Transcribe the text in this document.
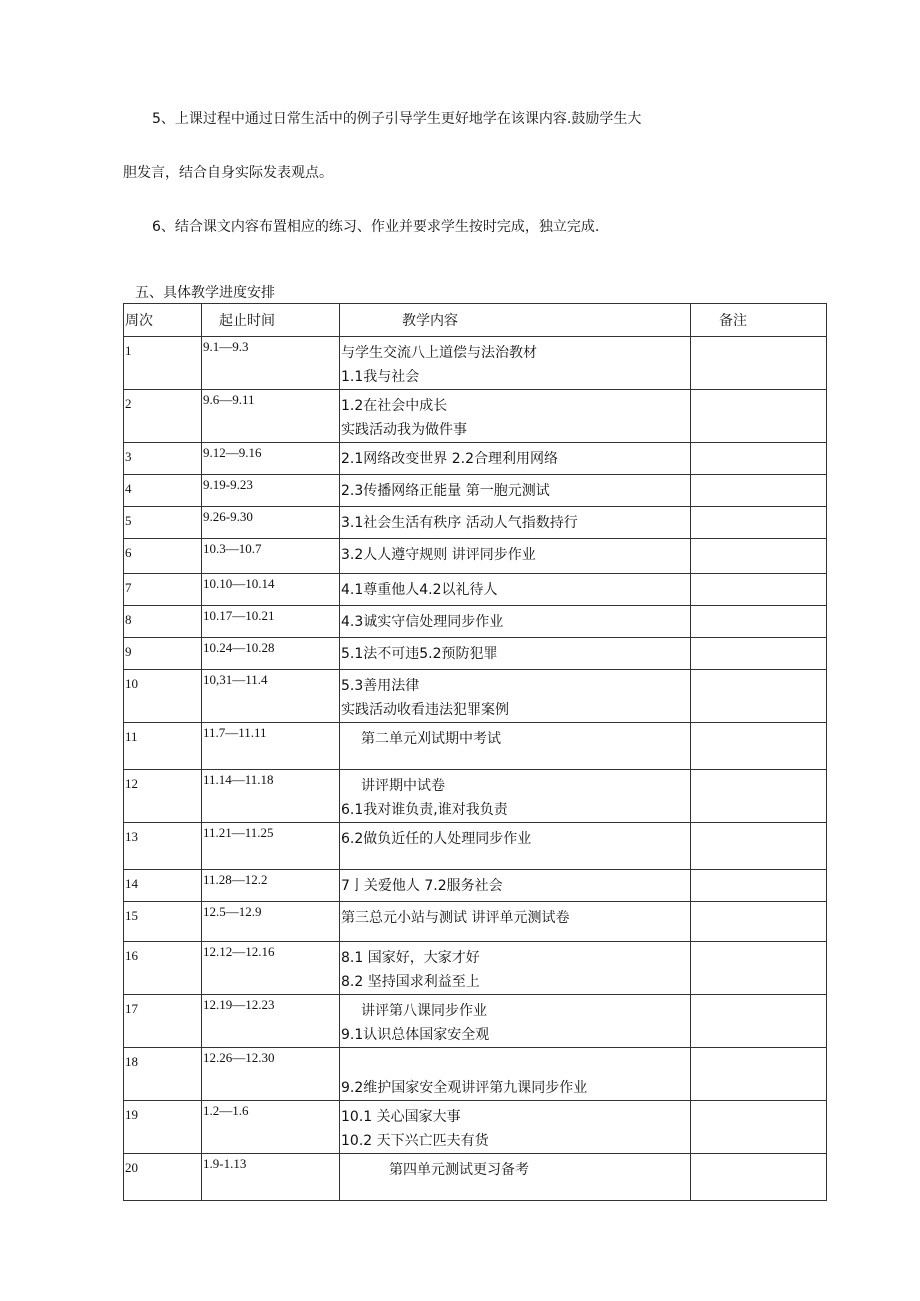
5、上课过程中通过日常生活中的例子引导学生更好地学在该课内容.鼓励学生大
胆发言，结合自身实际发表观点。
6、结合课文内容布置相应的练习、作业并要求学生按时完成，独立完成.
五、具体教学进度安排
周次	起止时间	教学内容	备注
1	9.1—9.3	与学生交流八上道偿与法治教材
1.1我与社会	

2	9.6—9.11	1.2在社会中成长
实践活动我为做件事	

3	9.12—9.16	2.1网络改变世界 2.2合理利用网络	

4	9.19-9.23	2.3传播网络正能量 第一胞元测试	

5	9.26-9.30	3.1社会生活有秩序 活动人气指数持行	

6	10.3—10.7	3.2人人遵守规则 讲评同步作业	

7	10.10—10.14	4.1尊重他人4.2以礼待人	

8	10.17—10.21	4.3诚实守信处理同步作业	

9	10.24—10.28	5.1法不可违5.2预防犯罪	

10	10,31—11.4	5.3善用法律
实践活动收看违法犯罪案例	

11	11.7—11.11	第二单元刈试期中考试	

12	11.14—11.18	讲评期中试卷
6.1我对谁负责,谁对我负责	

13	11.21—11.25	6.2做负近任的人处理同步作业	

14	11.28—12.2	7亅关爱他人 7.2服务社会	

15	12.5—12.9	第三总元小站与测试 讲评单元测试卷	

16	12.12—12.16	8.1 国家好，大家才好
8.2 坚持国求利益至上	

17	12.19—12.23	讲评第八课同步作业
9.1认识总体国家安全观	

18	12.26—12.30	9.2维护国家安全观讲评第九课同步作业	

19	1.2—1.6	10.1 关心国家大事
10.2 天下兴亡匹夫有货	

20	1.9-1.13	第四单元测试更习备考	
